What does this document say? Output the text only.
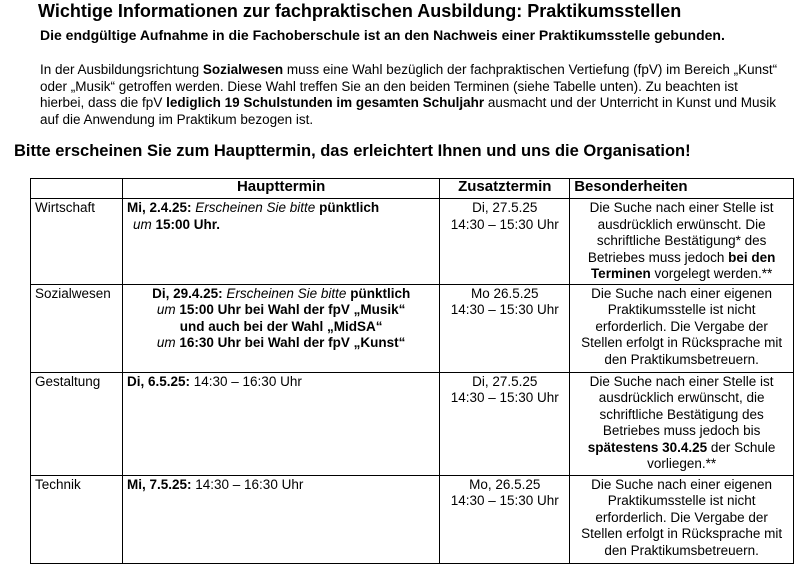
Wichtige Informationen zur fachpraktischen Ausbildung: Praktikumsstellen

Die endgültige Aufnahme in die Fachoberschule ist an den Nachweis einer Praktikumsstelle gebunden.

In der Ausbildungsrichtung Sozialwesen muss eine Wahl bezüglich der fachpraktischen Vertiefung (fpV) im Bereich „Kunst“ oder „Musik“ getroffen werden. Diese Wahl treffen Sie an den beiden Terminen (siehe Tabelle unten). Zu beachten ist hierbei, dass die fpV lediglich 19 Schulstunden im gesamten Schuljahr ausmacht und der Unterricht in Kunst und Musik auf die Anwendung im Praktikum bezogen ist.

Bitte erscheinen Sie zum Haupttermin, das erleichtert Ihnen und uns die Organisation!

	Haupttermin	Zusatztermin	Besonderheiten
Wirtschaft	Mi, 2.4.25: Erscheinen Sie bitte pünktlich
um 15:00 Uhr.	Di, 27.5.25
14:30 – 15:30 Uhr	Die Suche nach einer Stelle ist ausdrücklich erwünscht. Die schriftliche Bestätigung* des Betriebes muss jedoch bei den Terminen vorgelegt werden.**
Sozialwesen	Di, 29.4.25: Erscheinen Sie bitte pünktlich
um 15:00 Uhr bei Wahl der fpV „Musik“
und auch bei der Wahl „MidSA“
um 16:30 Uhr bei Wahl der fpV „Kunst“	Mo 26.5.25
14:30 – 15:30 Uhr	Die Suche nach einer eigenen Praktikumsstelle ist nicht erforderlich. Die Vergabe der Stellen erfolgt in Rücksprache mit den Praktikumsbetreuern.
Gestaltung	Di, 6.5.25: 14:30 – 16:30 Uhr	Di, 27.5.25
14:30 – 15:30 Uhr	Die Suche nach einer Stelle ist ausdrücklich erwünscht, die schriftliche Bestätigung des Betriebes muss jedoch bis spätestens 30.4.25 der Schule vorliegen.**
Technik	Mi, 7.5.25: 14:30 – 16:30 Uhr	Mo, 26.5.25
14:30 – 15:30 Uhr	Die Suche nach einer eigenen Praktikumsstelle ist nicht erforderlich. Die Vergabe der Stellen erfolgt in Rücksprache mit den Praktikumsbetreuern.
